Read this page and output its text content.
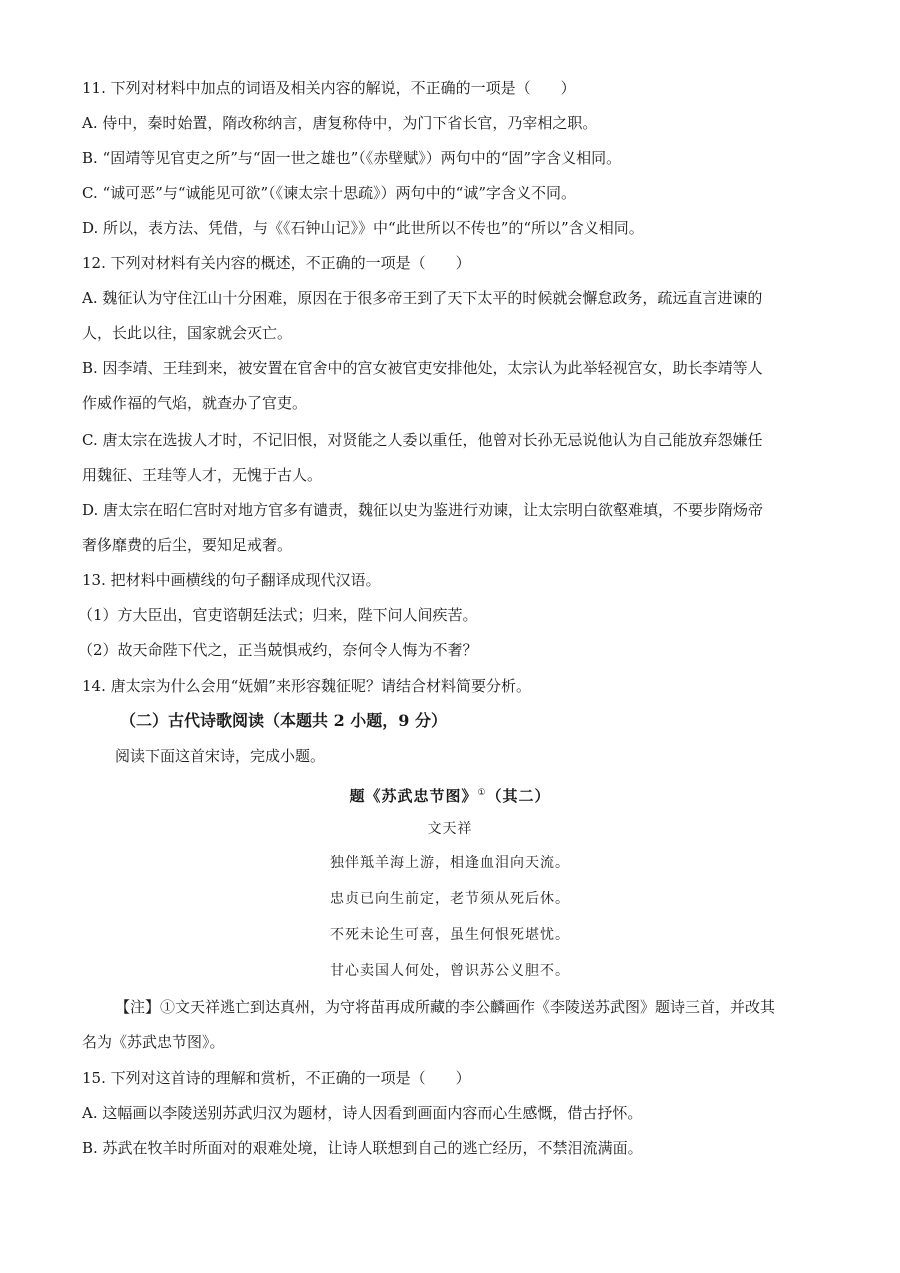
11. 下列对材料中加点的词语及相关内容的解说，不正确的一项是（　　）
A. 侍中，秦时始置，隋改称纳言，唐复称侍中，为门下省长官，乃宰相之职。
B. “固靖等见官吏之所”与“固一世之雄也”（《赤壁赋》）两句中的“固”字含义相同。
C. “诚可恶”与“诚能见可欲”（《谏太宗十思疏》）两句中的“诚”字含义不同。
D. 所以，表方法、凭借，与《《石钟山记》》中“此世所以不传也”的“所以”含义相同。
12. 下列对材料有关内容的概述，不正确的一项是（　　）
A. 魏征认为守住江山十分困难，原因在于很多帝王到了天下太平的时候就会懈怠政务，疏远直言进谏的
人，长此以往，国家就会灭亡。
B. 因李靖、王珪到来，被安置在官舍中的宫女被官吏安排他处，太宗认为此举轻视宫女，助长李靖等人
作威作福的气焰，就查办了官吏。
C. 唐太宗在选拔人才时，不记旧恨，对贤能之人委以重任，他曾对长孙无忌说他认为自己能放弃怨嫌任
用魏征、王珪等人才，无愧于古人。
D. 唐太宗在昭仁宫时对地方官多有谴责，魏征以史为鉴进行劝谏，让太宗明白欲壑难填，不要步隋炀帝
奢侈靡费的后尘，要知足戒奢。
13. 把材料中画横线的句子翻译成现代汉语。
（1）方大臣出，官吏谘朝廷法式；归来，陛下问人间疾苦。
（2）故天命陛下代之，正当兢惧戒约，奈何令人悔为不奢？
14. 唐太宗为什么会用“妩媚”来形容魏征呢？请结合材料简要分析。
（二）古代诗歌阅读（本题共 2 小题，9 分）
阅读下面这首宋诗，完成小题。
题《苏武忠节图》①（其二）
文天祥
独伴羝羊海上游，相逢血泪向天流。
忠贞已向生前定，老节须从死后休。
不死未论生可喜，虽生何恨死堪忧。
甘心卖国人何处，曾识苏公义胆不。
【注】①文天祥逃亡到达真州，为守将苗再成所藏的李公麟画作《李陵送苏武图》题诗三首，并改其
名为《苏武忠节图》。
15. 下列对这首诗的理解和赏析，不正确的一项是（　　）
A. 这幅画以李陵送别苏武归汉为题材，诗人因看到画面内容而心生感慨，借古抒怀。
B. 苏武在牧羊时所面对的艰难处境，让诗人联想到自己的逃亡经历，不禁泪流满面。
